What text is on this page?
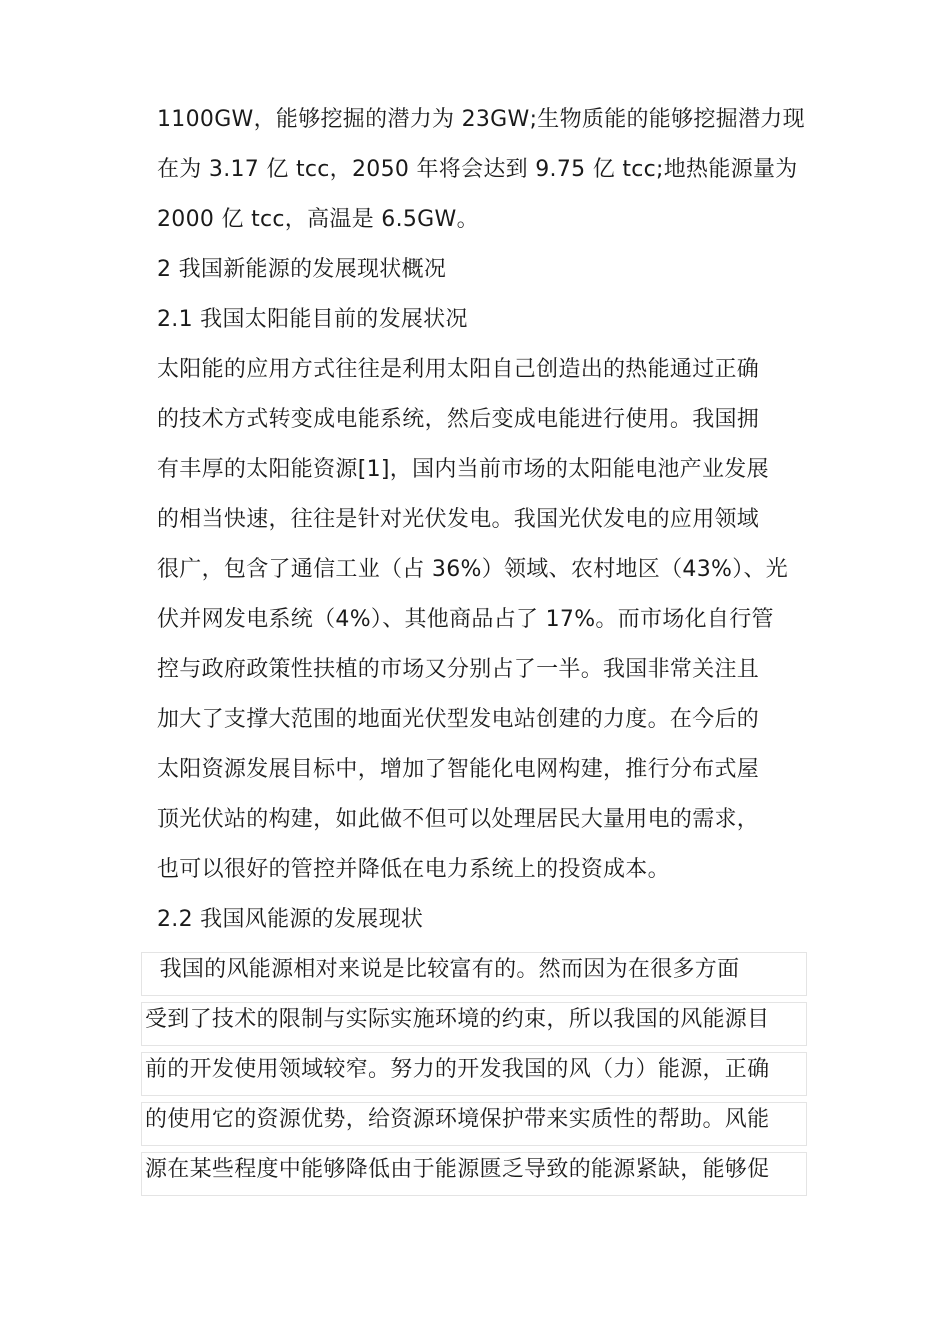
1100GW，能够挖掘的潜力为 23GW;生物质能的能够挖掘潜力现
在为 3.17 亿 tcc，2050 年将会达到 9.75 亿 tcc;地热能源量为
2000 亿 tcc，高温是 6.5GW。
2 我国新能源的发展现状概况
2.1 我国太阳能目前的发展状况
太阳能的应用方式往往是利用太阳自己创造出的热能通过正确
的技术方式转变成电能系统，然后变成电能进行使用。我国拥
有丰厚的太阳能资源[1]，国内当前市场的太阳能电池产业发展
的相当快速，往往是针对光伏发电。我国光伏发电的应用领域
很广，包含了通信工业（占 36%）领域、农村地区（43%）、光
伏并网发电系统（4%）、其他商品占了 17%。而市场化自行管
控与政府政策性扶植的市场又分别占了一半。我国非常关注且
加大了支撑大范围的地面光伏型发电站创建的力度。在今后的
太阳资源发展目标中，增加了智能化电网构建，推行分布式屋
顶光伏站的构建，如此做不但可以处理居民大量用电的需求，
也可以很好的管控并降低在电力系统上的投资成本。
2.2 我国风能源的发展现状
我国的风能源相对来说是比较富有的。然而因为在很多方面
受到了技术的限制与实际实施环境的约束，所以我国的风能源目
前的开发使用领域较窄。努力的开发我国的风（力）能源，正确
的使用它的资源优势，给资源环境保护带来实质性的帮助。风能
源在某些程度中能够降低由于能源匮乏导致的能源紧缺，能够促
